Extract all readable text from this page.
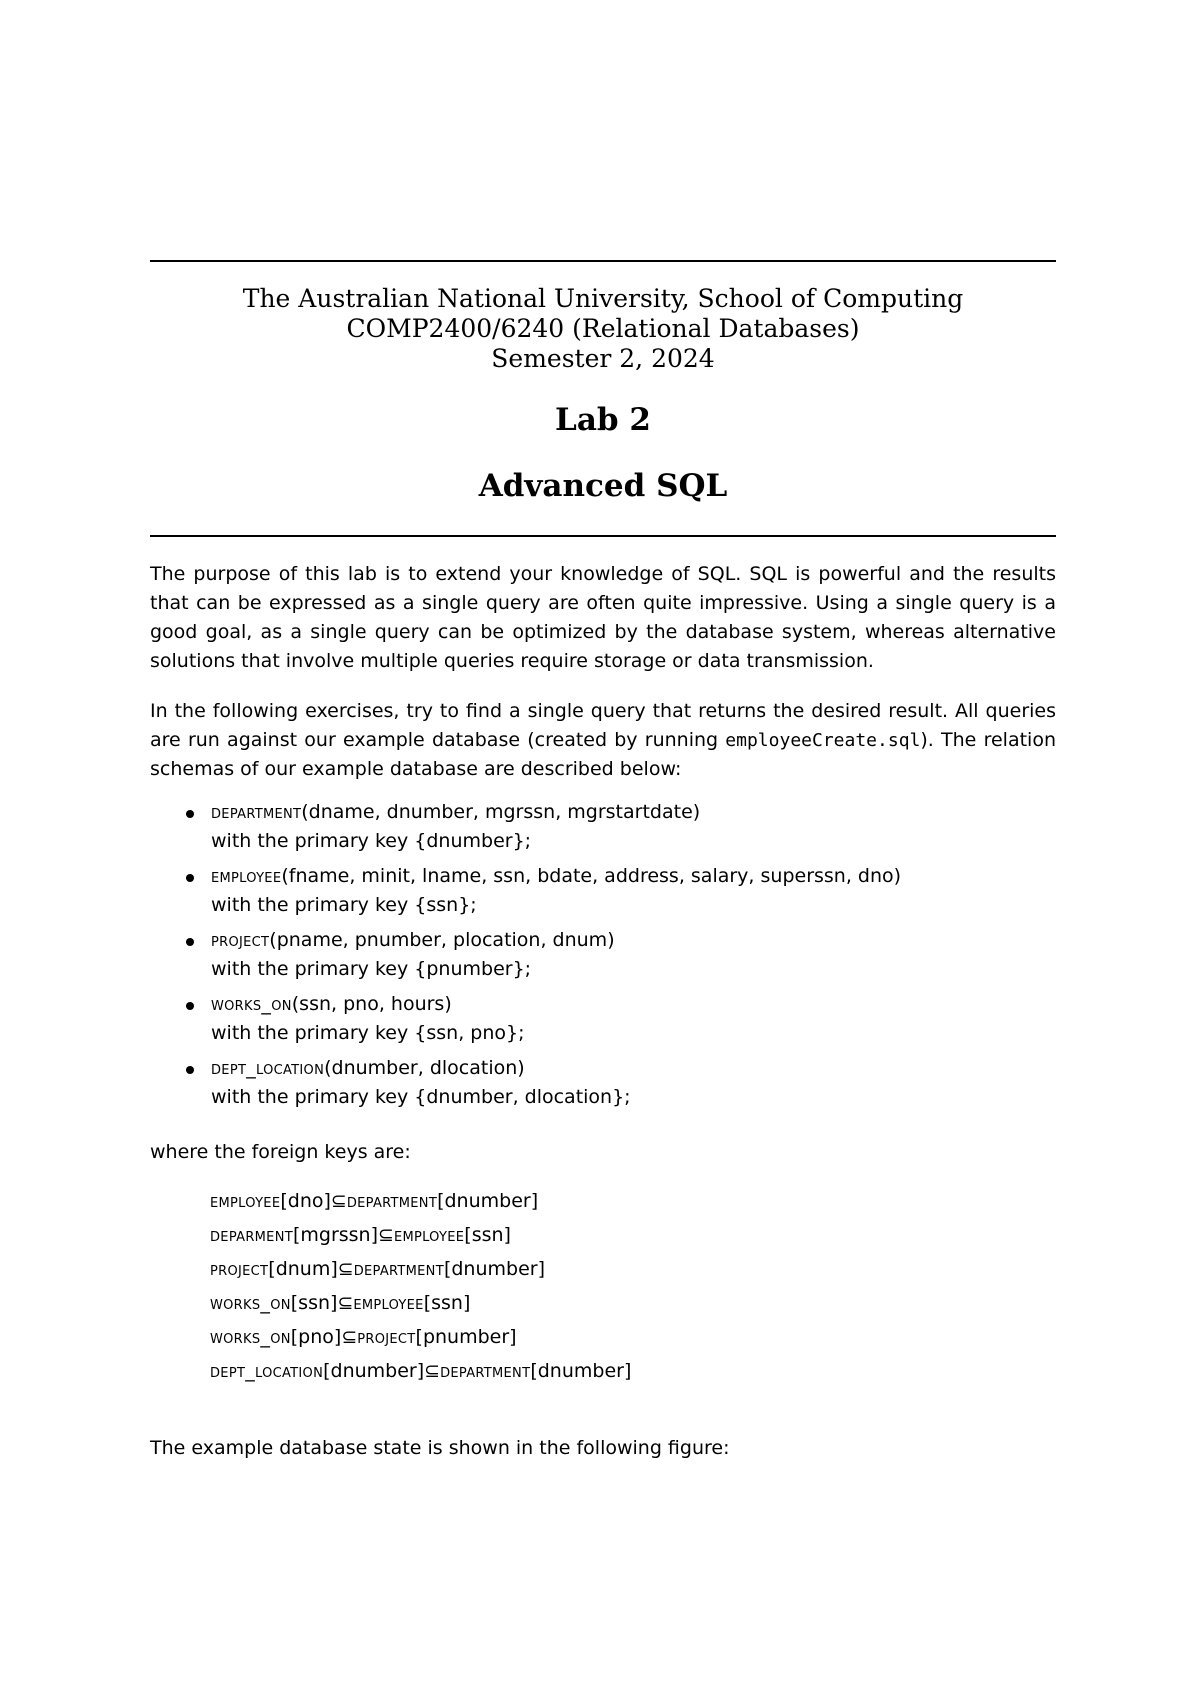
The Australian National University, School of Computing
COMP2400/6240 (Relational Databases)
Semester 2, 2024
Lab 2
Advanced SQL

The purpose of this lab is to extend your knowledge of SQL. SQL is powerful and the results that can be expressed as a single query are often quite impressive. Using a single query is a good goal, as a single query can be optimized by the database system, whereas alternative solutions that involve multiple queries require storage or data transmission.

In the following exercises, try to find a single query that returns the desired result. All queries are run against our example database (created by running employeeCreate.sql). The relation schemas of our example database are described below:

department(dname, dnumber, mgrssn, mgrstartdate)
with the primary key {dnumber};
employee(fname, minit, lname, ssn, bdate, address, salary, superssn, dno)
with the primary key {ssn};
project(pname, pnumber, plocation, dnum)
with the primary key {pnumber};
works_on(ssn, pno, hours)
with the primary key {ssn, pno};
dept_location(dnumber, dlocation)
with the primary key {dnumber, dlocation};
where the foreign keys are:
employee[dno]⊆department[dnumber]
deparment[mgrssn]⊆employee[ssn]
project[dnum]⊆department[dnumber]
works_on[ssn]⊆employee[ssn]
works_on[pno]⊆project[pnumber]
dept_location[dnumber]⊆department[dnumber]
The example database state is shown in the following figure:
